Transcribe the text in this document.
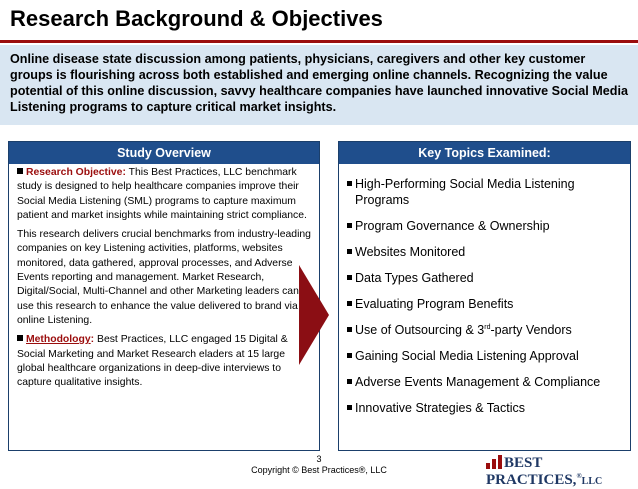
Research Background & Objectives
Online disease state discussion among patients, physicians, caregivers and other key customer groups is flourishing across both established and emerging online channels. Recognizing the value potential of this online discussion, savvy healthcare companies have launched innovative Social Media Listening programs to capture critical market insights.
Study Overview

Research Objective: This Best Practices, LLC benchmark study is designed to help healthcare companies improve their Social Media Listening (SML) programs to capture maximum patient and market insights while maintaining strict compliance.

This research delivers crucial benchmarks from industry-leading companies on key Listening activities, platforms, websites monitored, data gathered, approval processes, and Adverse Events reporting and management. Market Research, Digital/Social, Multi-Channel and other Marketing leaders can use this research to enhance the value delivered to brand via online Listening.

Methodology: Best Practices, LLC engaged 15 Digital & Social Marketing and Market Research eladers at 15 large global healthcare organizations in deep-dive interviews to capture qualitative insights.

Key Topics Examined:
High-Performing Social Media Listening Programs
Program Governance & Ownership
Websites Monitored
Data Types Gathered
Evaluating Program Benefits
Use of Outsourcing & 3rd-party Vendors
Gaining Social Media Listening Approval
Adverse Events Management & Compliance
Innovative Strategies & Tactics
3
Copyright © Best Practices®, LLC	BEST PRACTICES,®LLC
